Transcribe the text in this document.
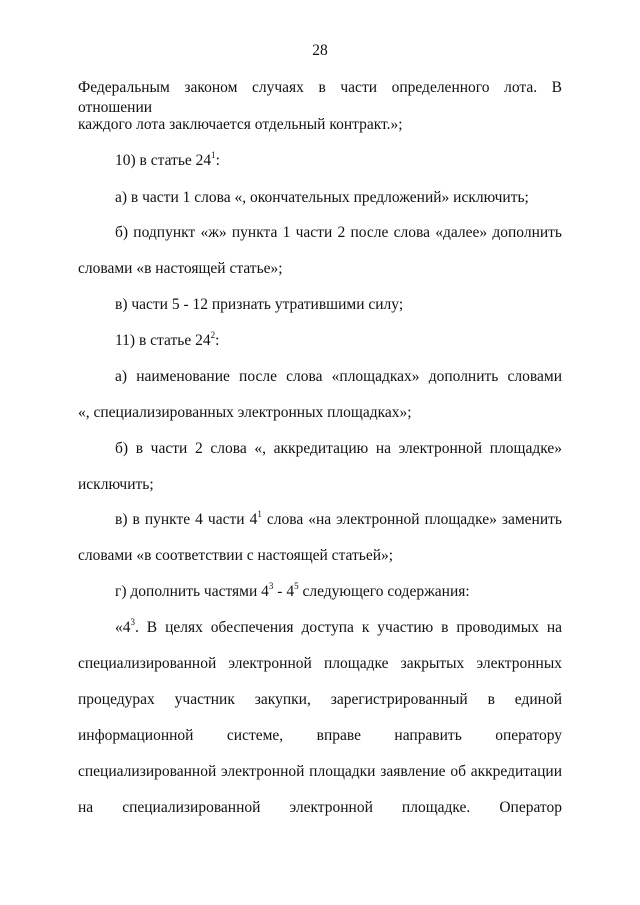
28
Федеральным законом случаях в части определенного лота. В отношении
каждого лота заключается отдельный контракт.»;
10) в статье $24^1$:
а) в части 1 слова «, окончательных предложений» исключить;
б) подпункт «ж» пункта 1 части 2 после слова «далее» дополнить
словами «в настоящей статье»;
в) части 5 - 12 признать утратившими силу;
11) в статье $24^2$:
а) наименование после слова «площадках» дополнить словами
«, специализированных электронных площадках»;
б) в части 2 слова «, аккредитацию на электронной площадке»
исключить;
в) в пункте 4 части $4^1$ слова «на электронной площадке» заменить
словами «в соответствии с настоящей статьей»;
г) дополнить частями $4^3 - 4^5$ следующего содержания:
«$4^3$. В целях обеспечения доступа к участию в проводимых на
специализированной электронной площадке закрытых электронных
процедурах участник закупки, зарегистрированный в единой
информационной системе, вправе направить оператору
специализированной электронной площадки заявление об аккредитации
на специализированной электронной площадке. Оператор
